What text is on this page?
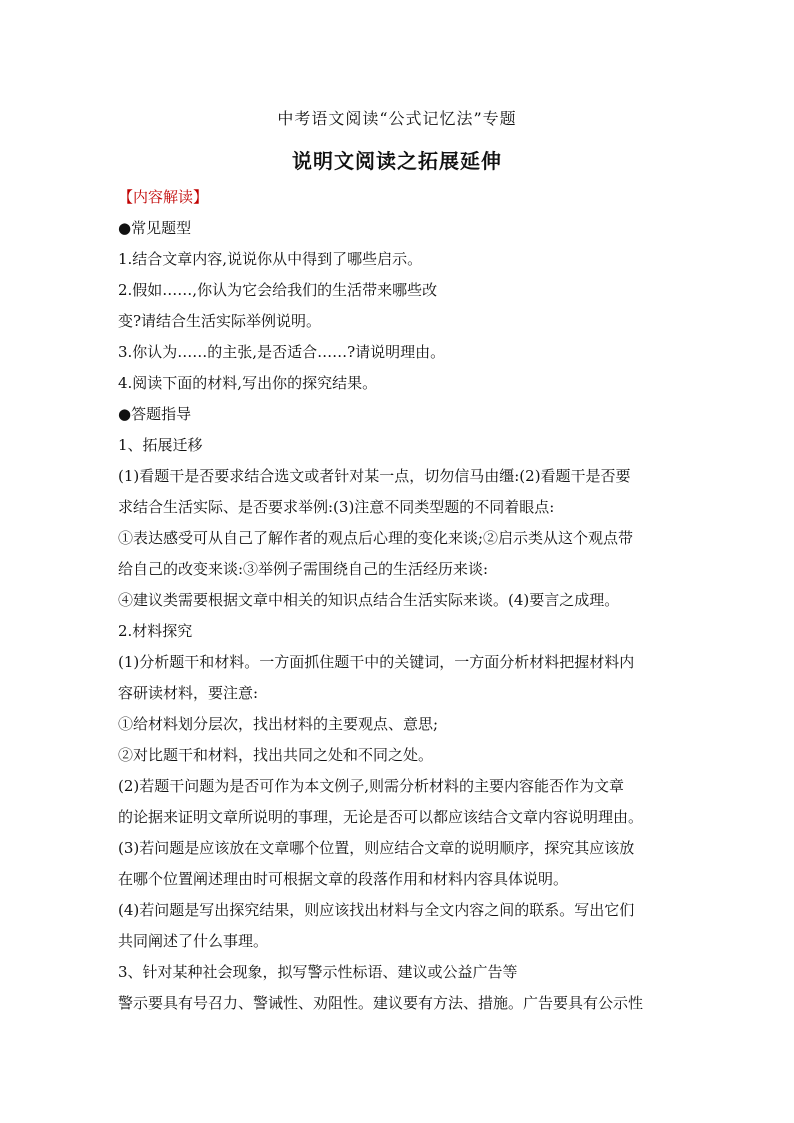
中考语文阅读“公式记忆法”专题
说明文阅读之拓展延伸
【内容解读】
●常见题型
1.结合文章内容,说说你从中得到了哪些启示。
2.假如……,你认为它会给我们的生活带来哪些改
变?请结合生活实际举例说明。
3.你认为……的主张,是否适合……?请说明理由。
4.阅读下面的材料,写出你的探究结果。
●答题指导
1、拓展迁移
(1)看题干是否要求结合选文或者针对某一点，切勿信马由缰:(2)看题干是否要
求结合生活实际、是否要求举例:(3)注意不同类型题的不同着眼点:
①表达感受可从自己了解作者的观点后心理的变化来谈;②启示类从这个观点带
给自己的改变来谈:③举例子需围绕自己的生活经历来谈:
④建议类需要根据文章中相关的知识点结合生活实际来谈。(4)要言之成理。
2.材料探究
(1)分析题干和材料。一方面抓住题干中的关键词，一方面分析材料把握材料内
容研读材料，要注意:
①给材料划分层次，找出材料的主要观点、意思;
②对比题干和材料，找出共同之处和不同之处。
(2)若题干问题为是否可作为本文例子,则需分析材料的主要内容能否作为文章
的论据来证明文章所说明的事理，无论是否可以都应该结合文章内容说明理由。
(3)若问题是应该放在文章哪个位置，则应结合文章的说明顺序，探究其应该放
在哪个位置阐述理由时可根据文章的段落作用和材料内容具体说明。
(4)若问题是写出探究结果，则应该找出材料与全文内容之间的联系。写出它们
共同阐述了什么事理。
3、针对某种社会现象，拟写警示性标语、建议或公益广告等
警示要具有号召力、警诫性、劝阻性。建议要有方法、措施。广告要具有公示性
